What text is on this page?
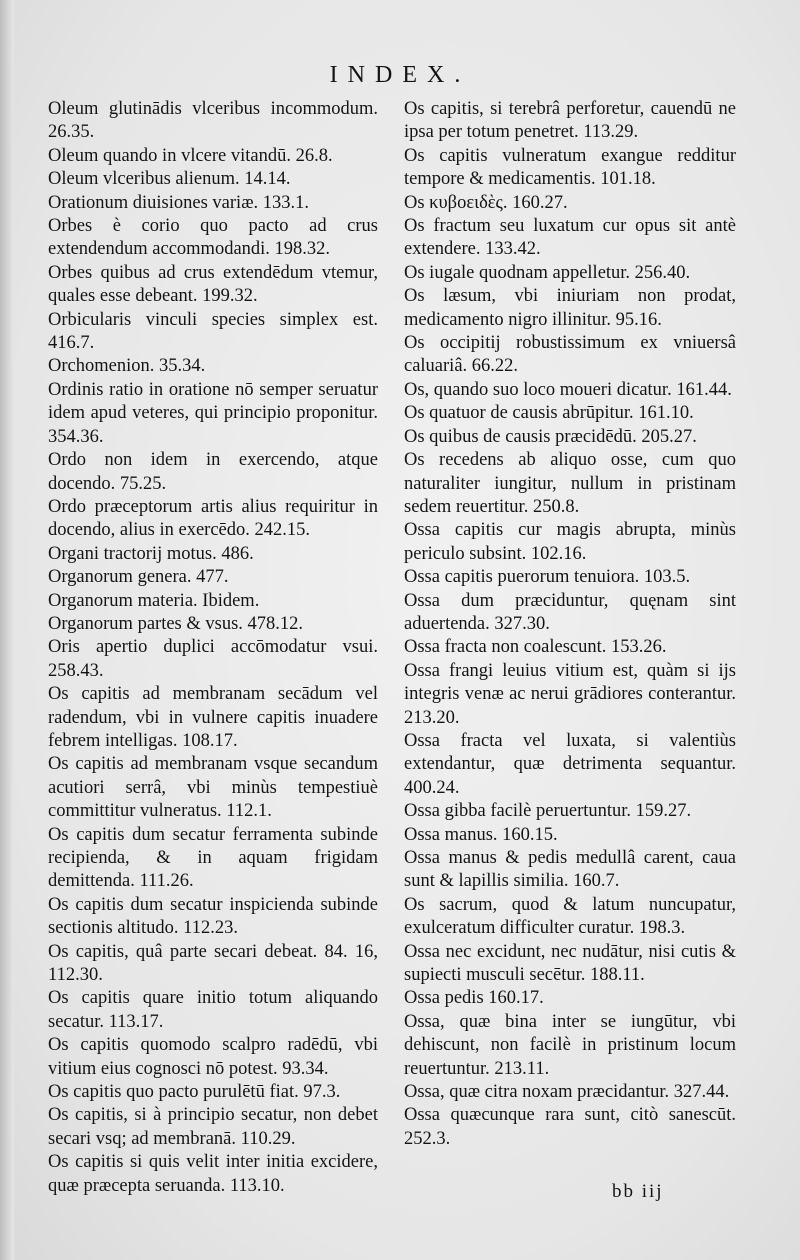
INDEX.

Oleum glutinādis vlceribus incommodum. 26.35.

Oleum quando in vlcere vitandū. 26.8.

Oleum vlceribus alienum. 14.14.

Orationum diuisiones variæ. 133.1.

Orbes è corio quo pacto ad crus extendendum accommodandi. 198.32.

Orbes quibus ad crus extendēdum vtemur, quales esse debeant. 199.32.

Orbicularis vinculi species simplex est. 416.7.

Orchomenion. 35.34.

Ordinis ratio in oratione nō semper seruatur idem apud veteres, qui principio proponitur. 354.36.

Ordo non idem in exercendo, atque docendo. 75.25.

Ordo præceptorum artis alius requiritur in docendo, alius in exercēdo. 242.15.

Organi tractorij motus. 486.

Organorum genera. 477.

Organorum materia. Ibidem.

Organorum partes & vsus. 478.12.

Oris apertio duplici accōmodatur vsui. 258.43.

Os capitis ad membranam secādum vel radendum, vbi in vulnere capitis inuadere febrem intelligas. 108.17.

Os capitis ad membranam vsque secandum acutiori serrâ, vbi minùs tempestiuè committitur vulneratus. 112.1.

Os capitis dum secatur ferramenta subinde recipienda, & in aquam frigidam demittenda. 111.26.

Os capitis dum secatur inspicienda subinde sectionis altitudo. 112.23.

Os capitis, quâ parte secari debeat. 84. 16, 112.30.

Os capitis quare initio totum aliquando secatur. 113.17.

Os capitis quomodo scalpro radēdū, vbi vitium eius cognosci nō potest. 93.34.

Os capitis quo pacto purulētū fiat. 97.3.

Os capitis, si à principio secatur, non debet secari vsq; ad membranā. 110.29.

Os capitis si quis velit inter initia excidere, quæ præcepta seruanda. 113.10.

Os capitis, si terebrâ perforetur, cauendū ne ipsa per totum penetret. 113.29.

Os capitis vulneratum exangue redditur tempore & medicamentis. 101.18.

Os κυβοειδὲς. 160.27.

Os fractum seu luxatum cur opus sit antè extendere. 133.42.

Os iugale quodnam appelletur. 256.40.

Os læsum, vbi iniuriam non prodat, medicamento nigro illinitur. 95.16.

Os occipitij robustissimum ex vniuersâ caluariâ. 66.22.

Os, quando suo loco moueri dicatur. 161.44.

Os quatuor de causis abrūpitur. 161.10.

Os quibus de causis præcidēdū. 205.27.

Os recedens ab aliquo osse, cum quo naturaliter iungitur, nullum in pristinam sedem reuertitur. 250.8.

Ossa capitis cur magis abrupta, minùs periculo subsint. 102.16.

Ossa capitis puerorum tenuiora. 103.5.

Ossa dum præciduntur, quęnam sint aduertenda. 327.30.

Ossa fracta non coalescunt. 153.26.

Ossa frangi leuius vitium est, quàm si ijs integris venæ ac nerui grādiores conterantur. 213.20.

Ossa fracta vel luxata, si valentiùs extendantur, quæ detrimenta sequantur. 400.24.

Ossa gibba facilè peruertuntur. 159.27.

Ossa manus. 160.15.

Ossa manus & pedis medullâ carent, caua sunt & lapillis similia. 160.7.

Os sacrum, quod & latum nuncupatur, exulceratum difficulter curatur. 198.3.

Ossa nec excidunt, nec nudātur, nisi cutis & supiecti musculi secētur. 188.11.

Ossa pedis 160.17.

Ossa, quæ bina inter se iungūtur, vbi dehiscunt, non facilè in pristinum locum reuertuntur. 213.11.

Ossa, quæ citra noxam præcidantur. 327.44.

Ossa quæcunque rara sunt, citò sanescūt. 252.3.

bb iij
